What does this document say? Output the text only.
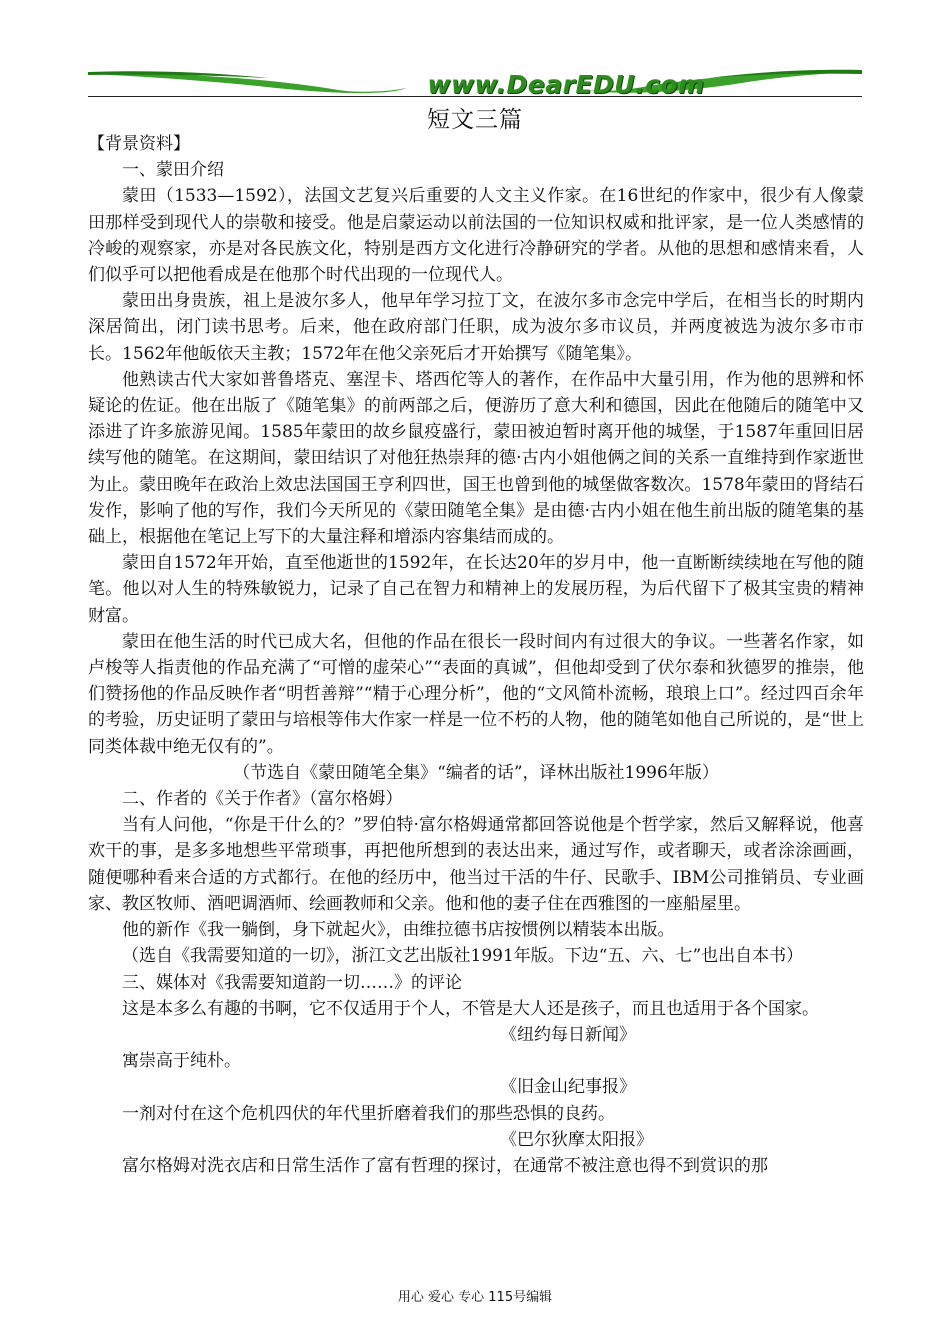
www.DearEDU.com
短文三篇

【背景资料】

一、蒙田介绍

蒙田（1533—1592），法国文艺复兴后重要的人文主义作家。在16世纪的作家中，很少有人像蒙田那样受到现代人的崇敬和接受。他是启蒙运动以前法国的一位知识权威和批评家，是一位人类感情的冷峻的观察家，亦是对各民族文化，特别是西方文化进行冷静研究的学者。从他的思想和感情来看，人们似乎可以把他看成是在他那个时代出现的一位现代人。

蒙田出身贵族，祖上是波尔多人，他早年学习拉丁文，在波尔多市念完中学后，在相当长的时期内深居简出，闭门读书思考。后来，他在政府部门任职，成为波尔多市议员，并两度被选为波尔多市市长。1562年他皈依天主教；1572年在他父亲死后才开始撰写《随笔集》。

他熟读古代大家如普鲁塔克、塞涅卡、塔西佗等人的著作，在作品中大量引用，作为他的思辨和怀疑论的佐证。他在出版了《随笔集》的前两部之后，便游历了意大利和德国，因此在他随后的随笔中又添进了许多旅游见闻。1585年蒙田的故乡鼠疫盛行，蒙田被迫暂时离开他的城堡，于1587年重回旧居续写他的随笔。在这期间，蒙田结识了对他狂热崇拜的德·古内小姐他俩之间的关系一直维持到作家逝世为止。蒙田晚年在政治上效忠法国国王亨利四世，国王也曾到他的城堡做客数次。1578年蒙田的肾结石发作，影响了他的写作，我们今天所见的《蒙田随笔全集》是由德·古内小姐在他生前出版的随笔集的基础上，根据他在笔记上写下的大量注释和增添内容集结而成的。

蒙田自1572年开始，直至他逝世的1592年，在长达20年的岁月中，他一直断断续续地在写他的随笔。他以对人生的特殊敏锐力，记录了自己在智力和精神上的发展历程，为后代留下了极其宝贵的精神财富。

蒙田在他生活的时代已成大名，但他的作品在很长一段时间内有过很大的争议。一些著名作家，如卢梭等人指责他的作品充满了“可憎的虚荣心”“表面的真诚”，但他却受到了伏尔泰和狄德罗的推崇，他们赞扬他的作品反映作者“明哲善辩”“精于心理分析”，他的“文风简朴流畅，琅琅上口”。经过四百余年的考验，历史证明了蒙田与培根等伟大作家一样是一位不朽的人物，他的随笔如他自己所说的，是“世上同类体裁中绝无仅有的”。

（节选自《蒙田随笔全集》“编者的话”，译林出版社1996年版）

二、作者的《关于作者》（富尔格姆）

当有人问他，“你是干什么的？”罗伯特·富尔格姆通常都回答说他是个哲学家，然后又解释说，他喜欢干的事，是多多地想些平常琐事，再把他所想到的表达出来，通过写作，或者聊天，或者涂涂画画，随便哪种看来合适的方式都行。在他的经历中，他当过干活的牛仔、民歌手、IBM公司推销员、专业画家、教区牧师、酒吧调酒师、绘画教师和父亲。他和他的妻子住在西雅图的一座船屋里。

他的新作《我一躺倒，身下就起火》，由维拉德书店按惯例以精装本出版。

（选自《我需要知道的一切》，浙江文艺出版社1991年版。下边“五、六、七”也出自本书）

三、媒体对《我需要知道韵一切……》的评论

这是本多么有趣的书啊，它不仅适用于个人，不管是大人还是孩子，而且也适用于各个国家。

《纽约每日新闻》

寓崇高于纯朴。

《旧金山纪事报》

一剂对付在这个危机四伏的年代里折磨着我们的那些恐惧的良药。

《巴尔狄摩太阳报》

富尔格姆对洗衣店和日常生活作了富有哲理的探讨，在通常不被注意也得不到赏识的那

用心 爱心 专心 115号编辑
